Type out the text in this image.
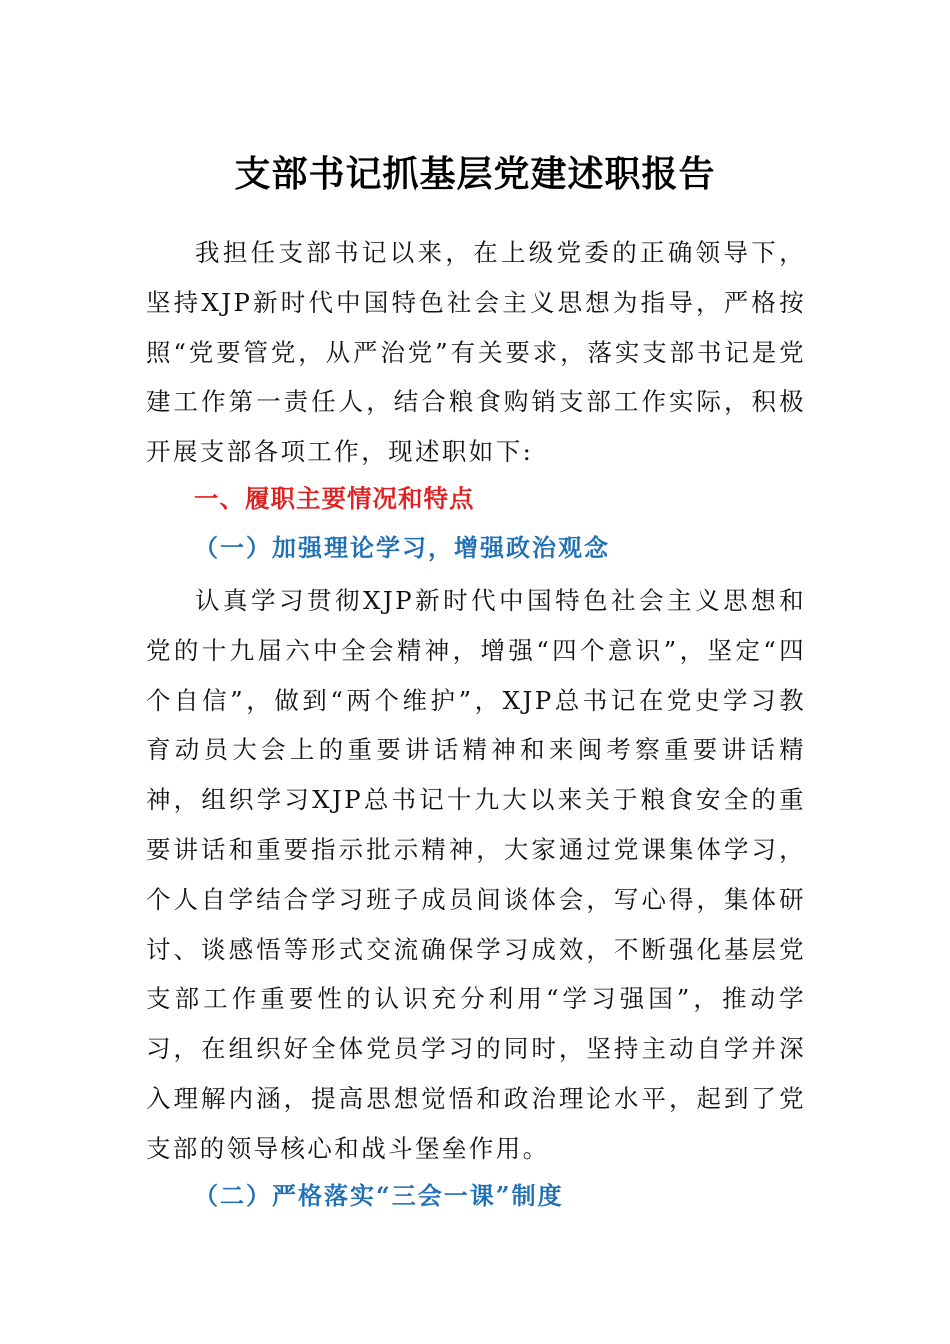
支部书记抓基层党建述职报告

我担任支部书记以来，在上级党委的正确领导下，坚持XJP新时代中国特色社会主义思想为指导，严格按照“党要管党，从严治党”有关要求，落实支部书记是党建工作第一责任人，结合粮食购销支部工作实际，积极开展支部各项工作，现述职如下:

一、履职主要情况和特点
（一）加强理论学习，增强政治观念

认真学习贯彻XJP新时代中国特色社会主义思想和党的十九届六中全会精神，增强“四个意识”，坚定“四个自信”，做到“两个维护”，XJP总书记在党史学习教育动员大会上的重要讲话精神和来闽考察重要讲话精神，组织学习XJP总书记十九大以来关于粮食安全的重要讲话和重要指示批示精神，大家通过党课集体学习，个人自学结合学习班子成员间谈体会，写心得，集体研讨、谈感悟等形式交流确保学习成效，不断强化基层党支部工作重要性的认识充分利用“学习强国”，推动学习，在组织好全体党员学习的同时，坚持主动自学并深入理解内涵，提高思想觉悟和政治理论水平，起到了党支部的领导核心和战斗堡垒作用。

（二）严格落实“三会一课”制度
